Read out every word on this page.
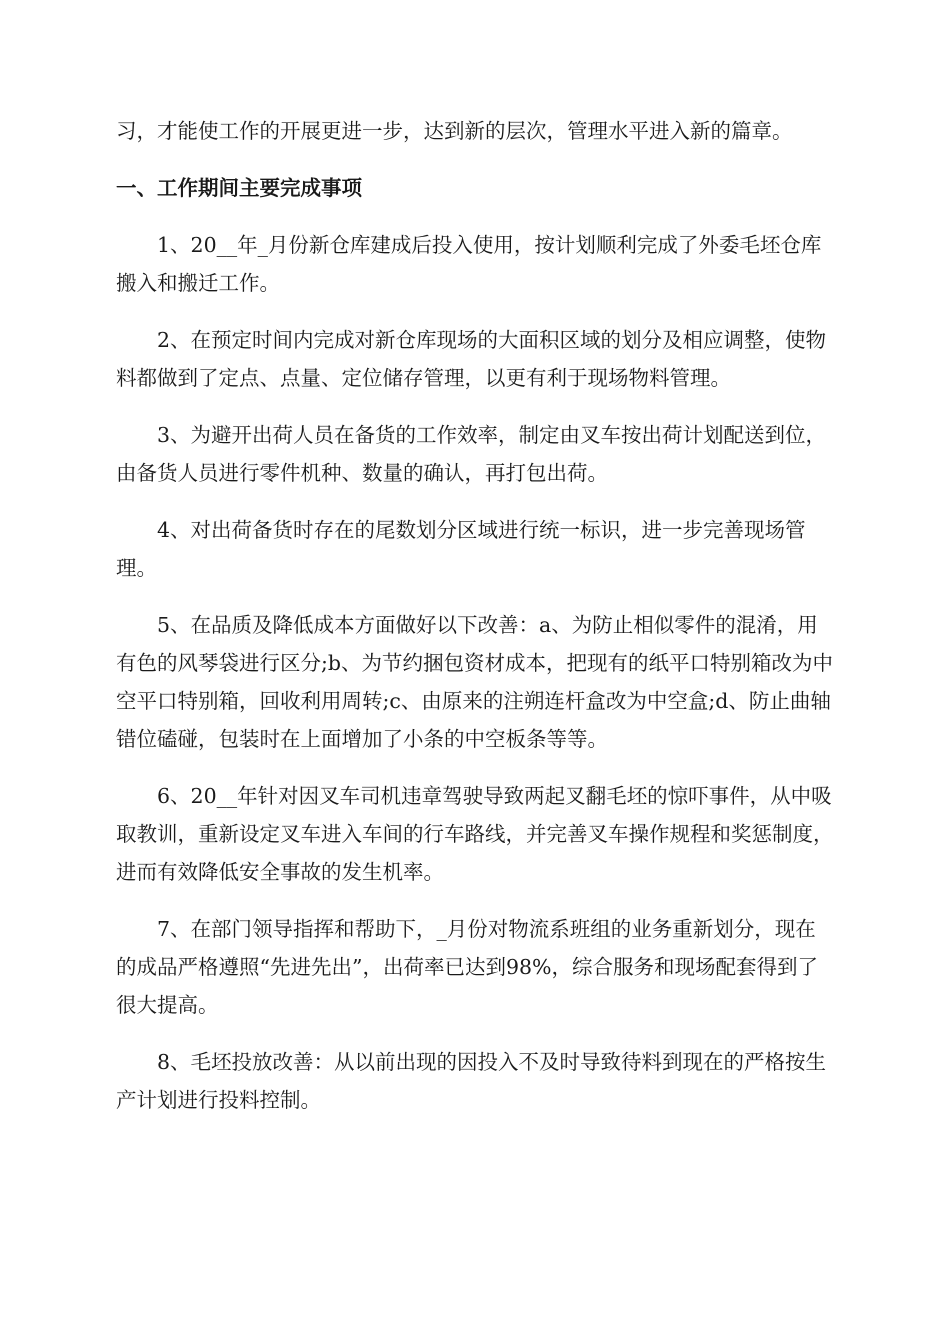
习，才能使工作的开展更进一步，达到新的层次，管理水平进入新的篇章。

一、工作期间主要完成事项

1、20__年_月份新仓库建成后投入使用，按计划顺利完成了外委毛坯仓库搬入和搬迁工作。

2、在预定时间内完成对新仓库现场的大面积区域的划分及相应调整，使物料都做到了定点、点量、定位储存管理，以更有利于现场物料管理。

3、为避开出荷人员在备货的工作效率，制定由叉车按出荷计划配送到位，由备货人员进行零件机种、数量的确认，再打包出荷。

4、对出荷备货时存在的尾数划分区域进行统一标识，进一步完善现场管理。

5、在品质及降低成本方面做好以下改善：a、为防止相似零件的混淆，用有色的风琴袋进行区分;b、为节约捆包资材成本，把现有的纸平口特别箱改为中空平口特别箱，回收利用周转;c、由原来的注朔连杆盒改为中空盒;d、防止曲轴错位磕碰，包装时在上面增加了小条的中空板条等等。

6、20__年针对因叉车司机违章驾驶导致两起叉翻毛坯的惊吓事件，从中吸取教训，重新设定叉车进入车间的行车路线，并完善叉车操作规程和奖惩制度，进而有效降低安全事故的发生机率。

7、在部门领导指挥和帮助下，_月份对物流系班组的业务重新划分，现在的成品严格遵照“先进先出”，出荷率已达到98%，综合服务和现场配套得到了很大提高。

8、毛坯投放改善：从以前出现的因投入不及时导致待料到现在的严格按生产计划进行投料控制。
